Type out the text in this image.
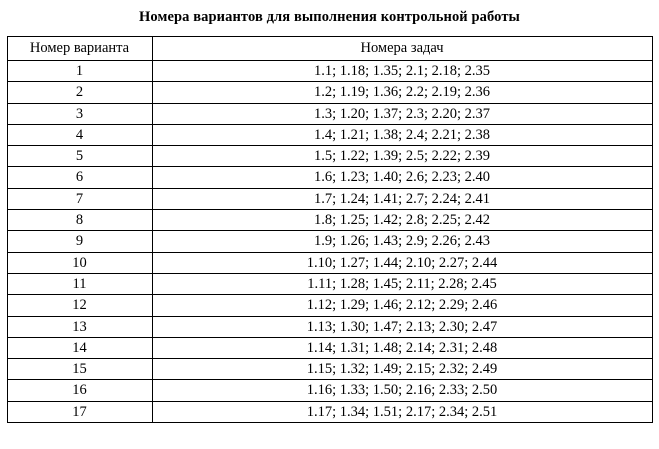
Номера вариантов для выполнения контрольной работы
Номер варианта	Номера задач
1	1.1; 1.18; 1.35; 2.1; 2.18; 2.35
2	1.2; 1.19; 1.36; 2.2; 2.19; 2.36
3	1.3; 1.20; 1.37; 2.3; 2.20; 2.37
4	1.4; 1.21; 1.38; 2.4; 2.21; 2.38
5	1.5; 1.22; 1.39; 2.5; 2.22; 2.39
6	1.6; 1.23; 1.40; 2.6; 2.23; 2.40
7	1.7; 1.24; 1.41; 2.7; 2.24; 2.41
8	1.8; 1.25; 1.42; 2.8; 2.25; 2.42
9	1.9; 1.26; 1.43; 2.9; 2.26; 2.43
10	1.10; 1.27; 1.44; 2.10; 2.27; 2.44
11	1.11; 1.28; 1.45; 2.11; 2.28; 2.45
12	1.12; 1.29; 1.46; 2.12; 2.29; 2.46
13	1.13; 1.30; 1.47; 2.13; 2.30; 2.47
14	1.14; 1.31; 1.48; 2.14; 2.31; 2.48
15	1.15; 1.32; 1.49; 2.15; 2.32; 2.49
16	1.16; 1.33; 1.50; 2.16; 2.33; 2.50
17	1.17; 1.34; 1.51; 2.17; 2.34; 2.51
